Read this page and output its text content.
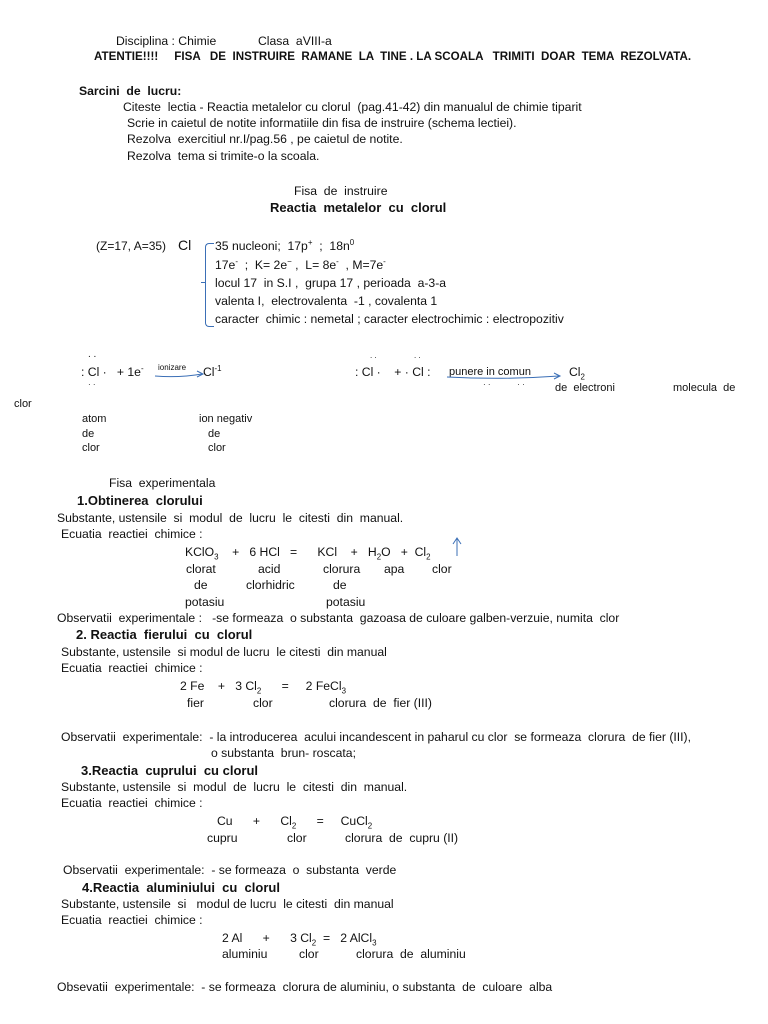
Disciplina : Chimie	Clasa  aVIII-a
ATENTIE!!!!     FISA   DE  INSTRUIRE  RAMANE  LA  TINE . LA SCOALA   TRIMITI  DOAR  TEMA  REZOLVATA.
Sarcini  de  lucru:
Citeste  lectia - Reactia metalelor cu clorul  (pag.41-42) din manualul de chimie tiparit
Scrie in caietul de notite informatiile din fisa de instruire (schema lectiei).
Rezolva  exercitiul nr.I/pag.56 , pe caietul de notite.
Rezolva  tema si trimite-o la scoala.
Fisa  de  instruire
Reactia  metalelor  cu  clorul
(Z=17, A=35) Cl 35 nucleoni;  17p+  ;  $18n^0$
17e-  ;  K= 2e− ,  L= 8e-  , M=7e-
locul 17  in S.I ,  grupa 17 , perioada  a-3-a
valenta I,  electrovalenta  -1 , covalenta 1
caracter  chimic : nemetal ; caracter electrochimic : electropozitiv
. .
: Cl ·   + 1e- ionizare $Cl^{-1}$
· ·
atom
de
clor
ion negativ
de
clor
. .	. .
: Cl ·    + · Cl : punere in comun	$Cl_2$
· ·            · ·	de  electroni	molecula  de
clor
Fisa  experimentala
1.Obtinerea  clorului
Substante, ustensile  si  modul  de  lucru  le  citesti  din  manual.
Ecuatia  reactiei  chimice :
KClO$_3$    +   6 HCl   =      KCl    +   $H_2O + Cl_2$
clorat	acid	clorura apa clor
de	clorhidric	de
potasiu	potasiu
Observatii  experimentale :   -se formeaza  o substanta  gazoasa de culoare galben-verzuie, numita  clor
2. Reactia  fierului  cu  clorul
Substante, ustensile  si modul de lucru  le citesti  din manual
Ecuatia  reactiei  chimice :
2 Fe    +   3 $Cl_2$      =     2 FeCl$_3$
fier	clor	clorura  de  fier (III)
Observatii  experimentale:  - la introducerea  acului incandescent in paharul cu clor  se formeaza  clorura  de fier (III),
o substanta  brun- roscata;
3.Reactia  cuprului  cu clorul
Substante, ustensile  si  modul  de  lucru  le  citesti  din  manual.
Ecuatia  reactiei  chimice :
Cu      +      $Cl_2$      =     CuCl$_2$
cupru	clor	clorura  de  cupru (II)
Observatii  experimentale:  - se formeaza  o  substanta  verde
4.Reactia  aluminiului  cu  clorul
Substante, ustensile  si   modul de lucru  le citesti  din manual
Ecuatia  reactiei  chimice :
2 Al      +      3 $Cl_2 = 2$ AlCl$_3$
aluminiu	clor	clorura  de  aluminiu
Obsevatii  experimentale:  - se formeaza  clorura de aluminiu, o substanta  de  culoare  alba
